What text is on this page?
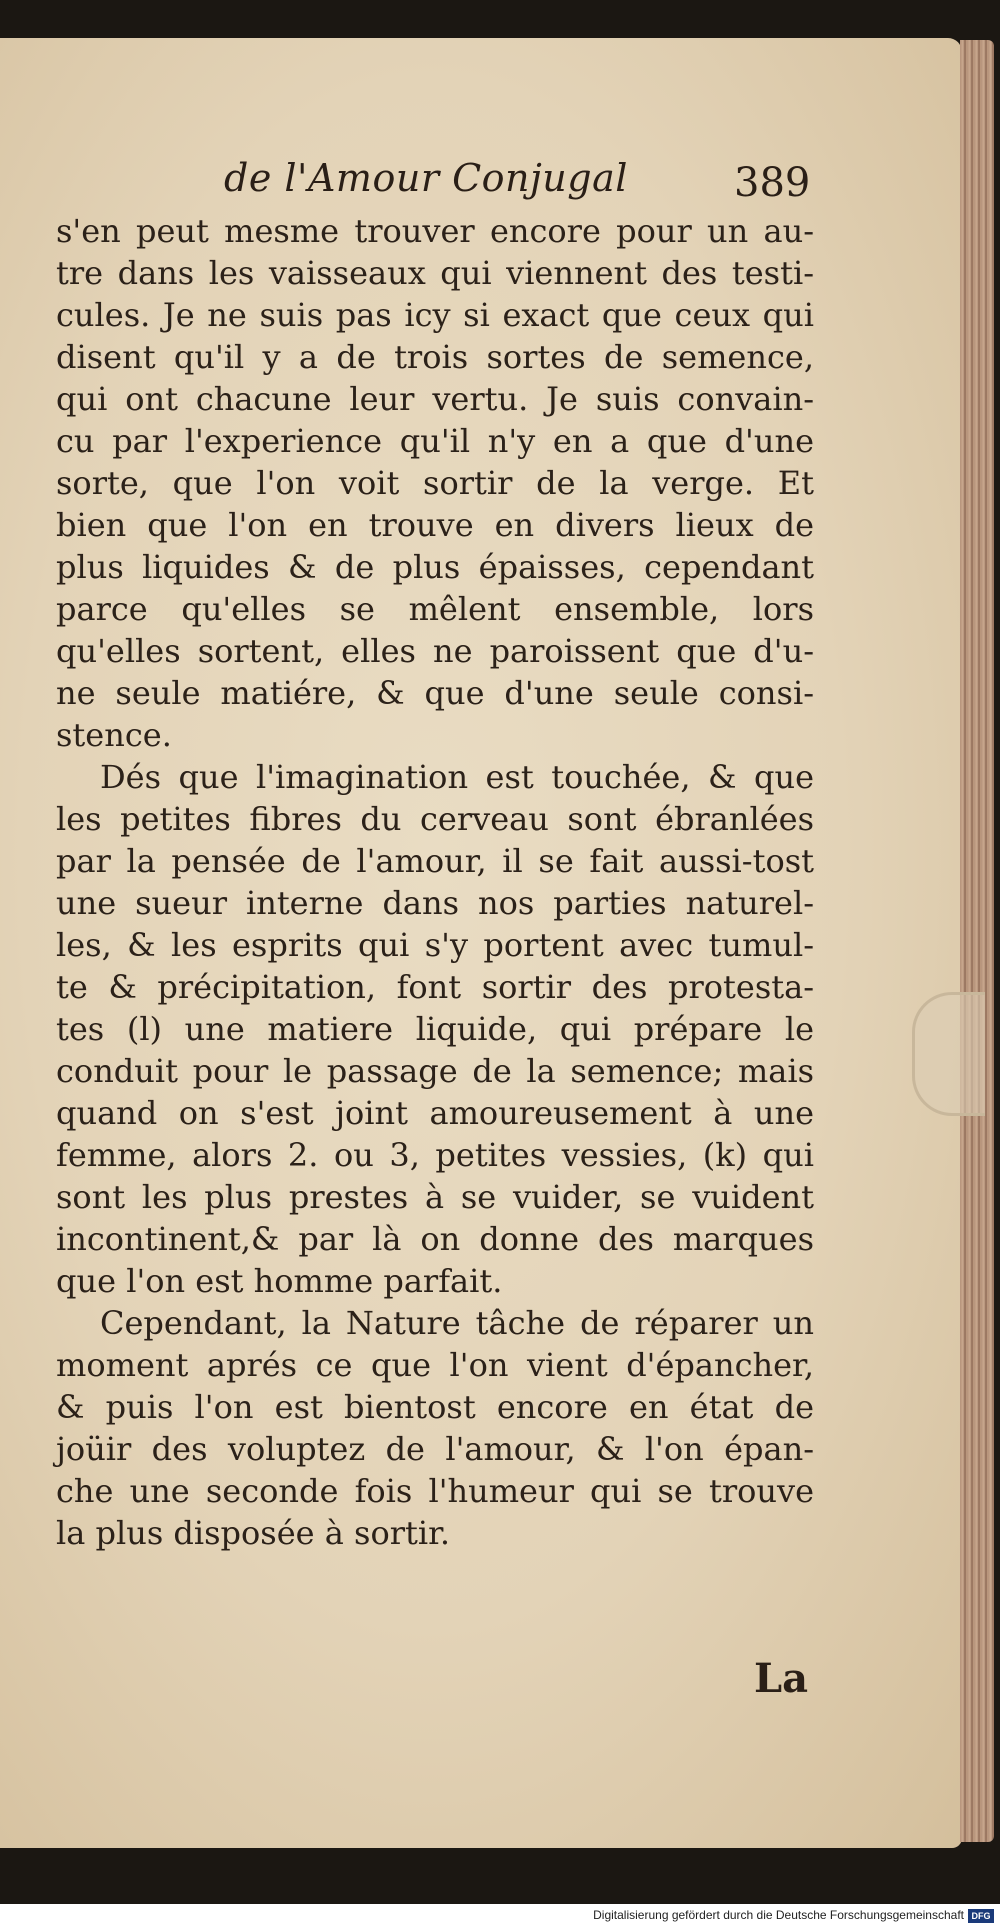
de l'Amour Conjugal	389
s'en peut mesme trouver encore pour un au-
tre dans les vaisseaux qui viennent des testi-
cules. Je ne suis pas icy si exact que ceux qui
disent qu'il y a de trois sortes de semence,
qui ont chacune leur vertu. Je suis convain-
cu par l'experience qu'il n'y en a que d'une
sorte, que l'on voit sortir de la verge. Et
bien que l'on en trouve en divers lieux de
plus liquides & de plus épaisses, cependant
parce qu'elles se mêlent ensemble, lors
qu'elles sortent, elles ne paroissent que d'u-
ne seule matiére, & que d'une seule consi-
stence.
Dés que l'imagination est touchée, & que
les petites fibres du cerveau sont ébranlées
par la pensée de l'amour, il se fait aussi-tost
une sueur interne dans nos parties naturel-
les, & les esprits qui s'y portent avec tumul-
te & précipitation, font sortir des protesta-
tes (l) une matiere liquide, qui prépare le
conduit pour le passage de la semence; mais
quand on s'est joint amoureusement à une
femme, alors 2. ou 3, petites vessies, (k) qui
sont les plus prestes à se vuider, se vuident
incontinent,& par là on donne des marques
que l'on est homme parfait.
Cependant, la Nature tâche de réparer un
moment aprés ce que l'on vient d'épancher,
& puis l'on est bientost encore en état de
joüir des voluptez de l'amour, & l'on épan-
che une seconde fois l'humeur qui se trouve
la plus disposée à sortir.
La
Digitalisierung gefördert durch die Deutsche Forschungsgemeinschaft DFG
